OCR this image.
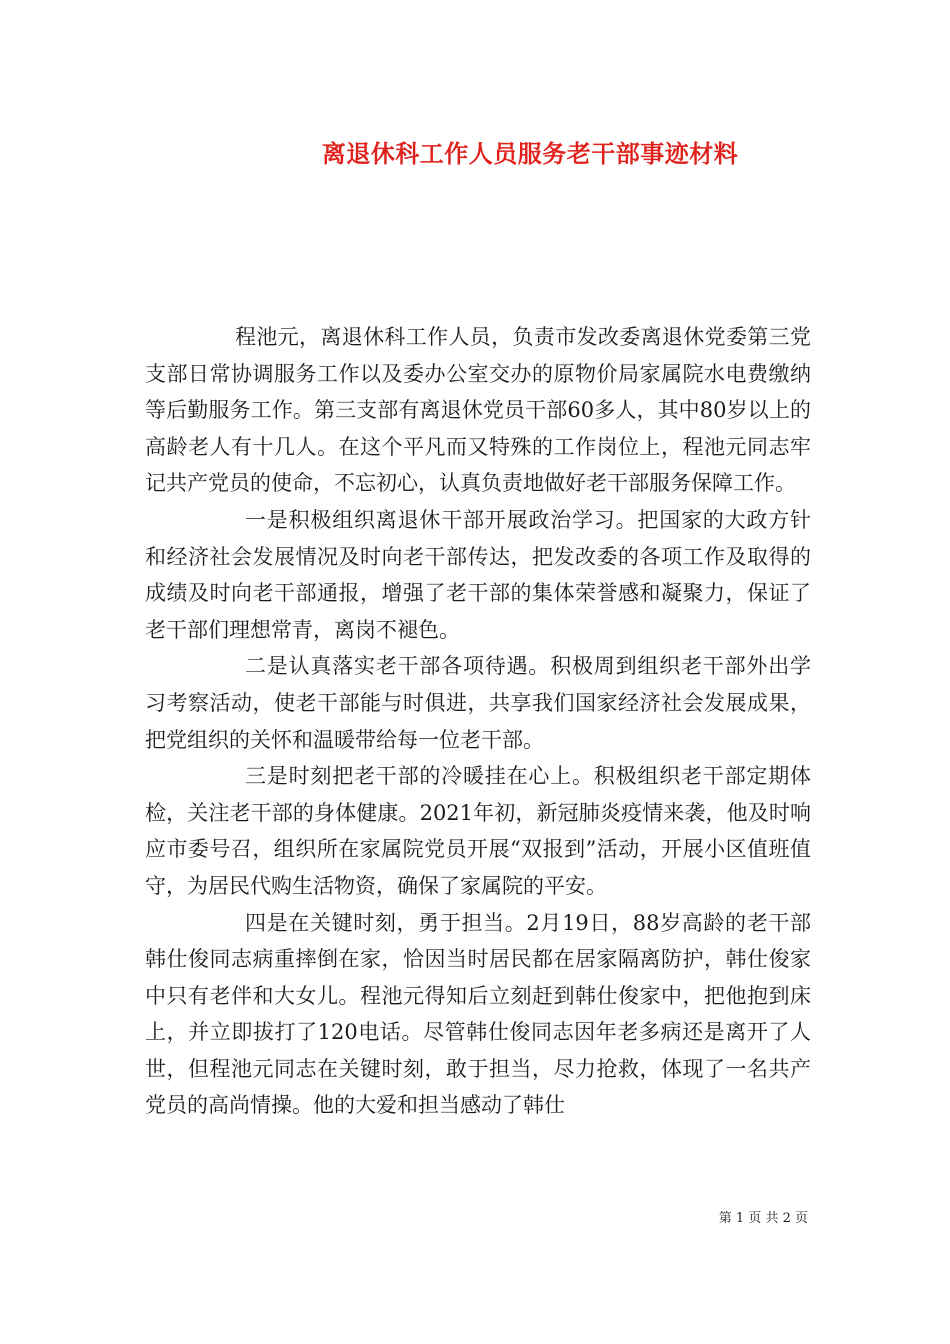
离退休科工作人员服务老干部事迹材料

程池元，离退休科工作人员，负责市发改委离退休党委第三党支部日常协调服务工作以及委办公室交办的原物价局家属院水电费缴纳等后勤服务工作。第三支部有离退休党员干部60多人，其中80岁以上的高龄老人有十几人。在这个平凡而又特殊的工作岗位上，程池元同志牢记共产党员的使命，不忘初心，认真负责地做好老干部服务保障工作。

一是积极组织离退休干部开展政治学习。把国家的大政方针和经济社会发展情况及时向老干部传达，把发改委的各项工作及取得的成绩及时向老干部通报，增强了老干部的集体荣誉感和凝聚力，保证了老干部们理想常青，离岗不褪色。

二是认真落实老干部各项待遇。积极周到组织老干部外出学习考察活动，使老干部能与时俱进，共享我们国家经济社会发展成果，把党组织的关怀和温暖带给每一位老干部。

三是时刻把老干部的冷暖挂在心上。积极组织老干部定期体检，关注老干部的身体健康。2021年初，新冠肺炎疫情来袭，他及时响应市委号召，组织所在家属院党员开展“双报到”活动，开展小区值班值守，为居民代购生活物资，确保了家属院的平安。

四是在关键时刻，勇于担当。2月19日，88岁高龄的老干部韩仕俊同志病重摔倒在家，恰因当时居民都在居家隔离防护，韩仕俊家中只有老伴和大女儿。程池元得知后立刻赶到韩仕俊家中，把他抱到床上，并立即拔打了120电话。尽管韩仕俊同志因年老多病还是离开了人世，但程池元同志在关键时刻，敢于担当，尽力抢救，体现了一名共产党员的高尚情操。他的大爱和担当感动了韩仕

第 1 页 共 2 页
